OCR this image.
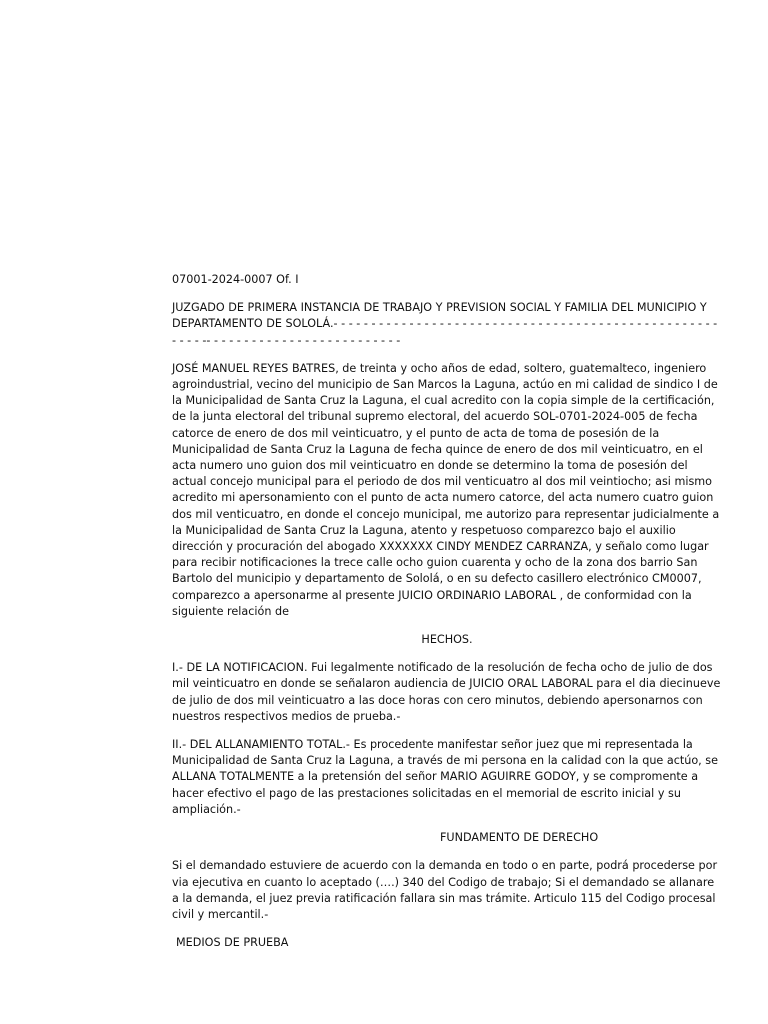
07001-2024-0007 Of. I

JUZGADO DE PRIMERA INSTANCIA DE TRABAJO Y PREVISION SOCIAL Y FAMILIA DEL MUNICIPIO Y DEPARTAMENTO DE SOLOLÁ.- - - - - - - - - - - - - - - - - - - - - - - - - - - - - - - - - - - - - - - - - - - - - - - - - - - - - - - -- - - - - - - - - - - - - - - - - - - - - - - - - -

JOSÉ MANUEL REYES BATRES, de treinta y ocho años de edad, soltero, guatemalteco, ingeniero agroindustrial, vecino del municipio de San Marcos la Laguna, actúo en mi calidad de sindico I de la Municipalidad de Santa Cruz la Laguna, el cual acredito con la copia simple de la certificación, de la junta electoral del tribunal supremo electoral, del acuerdo SOL-0701-2024-005 de fecha catorce de enero de dos mil veinticuatro, y el punto de acta de toma de posesión de la Municipalidad de Santa Cruz la Laguna de fecha quince de enero de dos mil veinticuatro, en el acta numero uno guion dos mil veinticuatro en donde se determino la toma de posesión del actual concejo municipal para el periodo de dos mil venticuatro al dos mil veintiocho; asi mismo acredito mi apersonamiento con el punto de acta numero catorce, del acta numero cuatro guion dos mil venticuatro, en donde el concejo municipal, me autorizo para representar judicialmente a la Municipalidad de Santa Cruz la Laguna, atento y respetuoso comparezco bajo el auxilio dirección y procuración del abogado XXXXXXX CINDY MENDEZ CARRANZA, y señalo como lugar para recibir notificaciones la trece calle ocho guion cuarenta y ocho de la zona dos barrio San Bartolo del municipio y departamento de Sololá, o en su defecto casillero electrónico CM0007, comparezco a apersonarme al presente JUICIO ORDINARIO LABORAL , de conformidad con la siguiente relación de

HECHOS.

I.- DE LA NOTIFICACION. Fui legalmente notificado de la resolución de fecha ocho de julio de dos mil veinticuatro en donde se señalaron audiencia de JUICIO ORAL LABORAL para el dia diecinueve de julio de dos mil veinticuatro a las doce horas con cero minutos, debiendo apersonarnos con nuestros respectivos medios de prueba.-

II.- DEL ALLANAMIENTO TOTAL.- Es procedente manifestar señor juez que mi representada la Municipalidad de Santa Cruz la Laguna, a través de mi persona en la calidad con la que actúo, se ALLANA TOTALMENTE a la pretensión del señor MARIO AGUIRRE GODOY, y se compromente a hacer efectivo el pago de las prestaciones solicitadas en el memorial de escrito inicial y su ampliación.-

FUNDAMENTO DE DERECHO

Si el demandado estuviere de acuerdo con la demanda en todo o en parte, podrá procederse por via ejecutiva en cuanto lo aceptado (….) 340 del Codigo de trabajo; Si el demandado se allanare a la demanda, el juez previa ratificación fallara sin mas trámite. Articulo 115 del Codigo procesal civil y mercantil.-

MEDIOS DE PRUEBA
